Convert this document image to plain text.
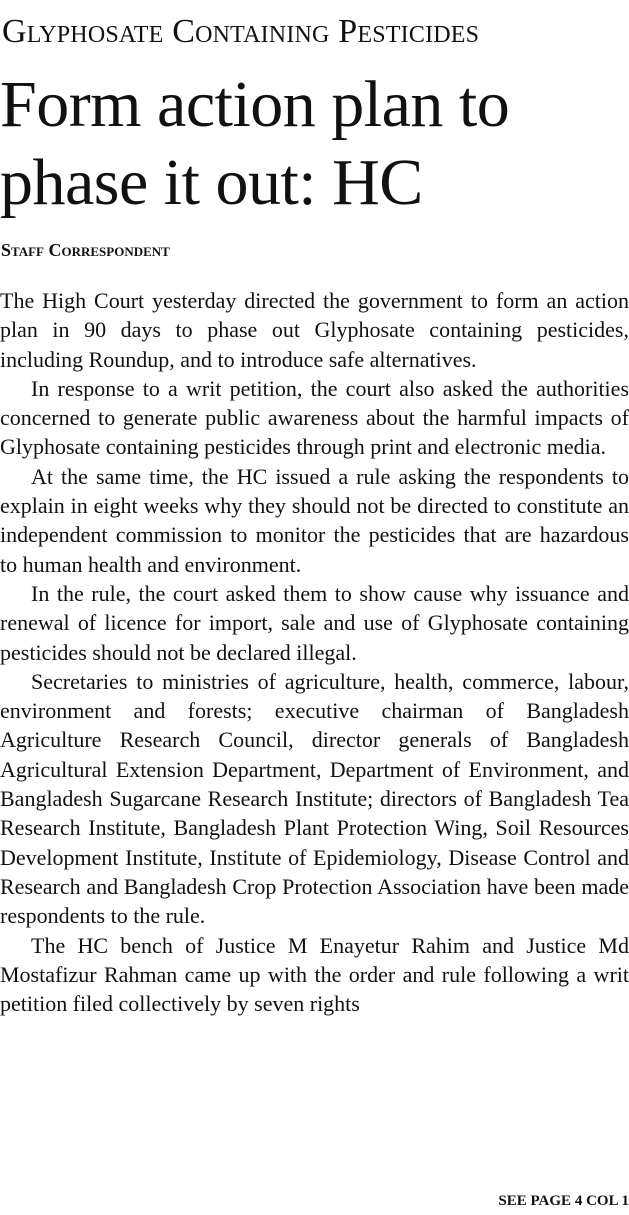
Glyphosate Containing Pesticides
Form action plan to
phase it out: HC
Staff Correspondent

The High Court yesterday directed the government to form an action plan in 90 days to phase out Glyphosate containing pesticides, including Roundup, and to introduce safe alternatives.

In response to a writ petition, the court also asked the authorities concerned to generate public awareness about the harmful impacts of Glyphosate containing pesticides through print and electronic media.

At the same time, the HC issued a rule asking the respondents to explain in eight weeks why they should not be directed to constitute an independent commission to monitor the pesticides that are hazardous to human health and environment.

In the rule, the court asked them to show cause why issuance and renewal of licence for import, sale and use of Glyphosate containing pesticides should not be declared illegal.

Secretaries to ministries of agriculture, health, commerce, labour, environment and forests; executive chairman of Bangladesh Agriculture Research Council, director generals of Bangladesh Agricultural Extension Department, Department of Environment, and Bangladesh Sugarcane Research Institute; directors of Bangladesh Tea Research Institute, Bangladesh Plant Protection Wing, Soil Resources Development Institute, Institute of Epidemiology, Disease Control and Research and Bangladesh Crop Protection Association have been made respondents to the rule.

The HC bench of Justice M Enayetur Rahim and Justice Md Mostafizur Rahman came up with the order and rule following a writ petition filed collectively by seven rights

SEE PAGE 4 COL 1
